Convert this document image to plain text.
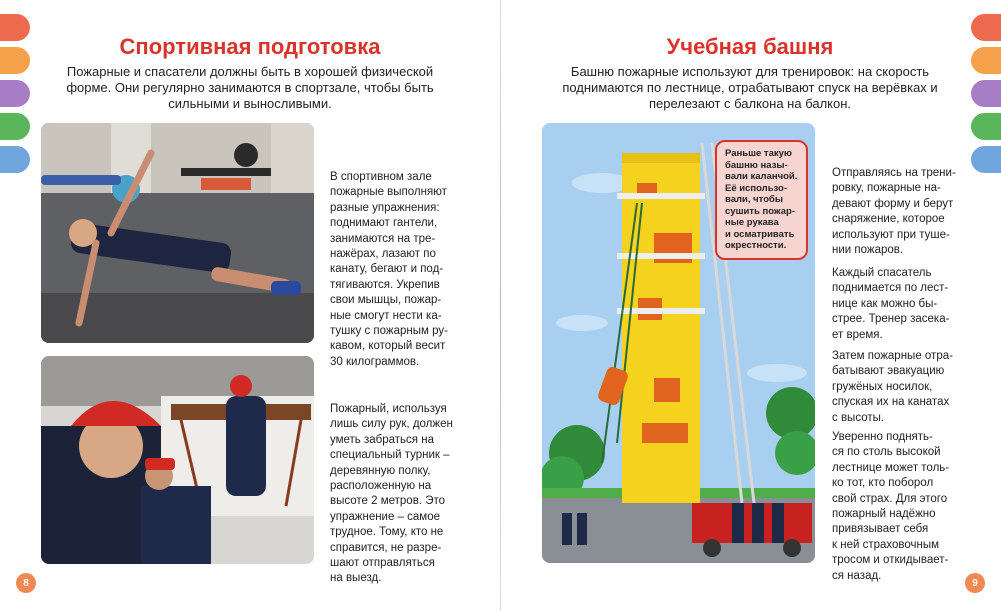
Спортивная подготовка
Пожарные и спасатели должны быть в хорошей физической форме. Они регулярно занимаются в спортзале, чтобы быть сильными и выносливыми.
В спортивном зале
пожарные выполняют
разные упражнения:
поднимают гантели,
занимаются на тре-
нажёрах, лазают по
канату, бегают и под-
тягиваются. Укрепив
свои мышцы, пожар-
ные смогут нести ка-
тушку с пожарным ру-
кавом, который весит
30 килограммов.
Пожарный, используя
лишь силу рук, должен
уметь забраться на
специальный турник –
деревянную полку,
расположенную на
высоте 2 метров. Это
упражнение – самое
трудное. Тому, кто не
справится, не разре-
шают отправляться
на выезд.
8
Учебная башня
Башню пожарные используют для тренировок: на скорость поднимаются по лестнице, отрабатывают спуск на верёвках и перелезают с балкона на балкон.
Раньше такую
башню назы-
вали каланчой.
Её использо-
вали, чтобы
сушить пожар-
ные рукава
и осматривать
окрестности.
Отправляясь на трени-
ровку, пожарные на-
девают форму и берут
снаряжение, которое
используют при туше-
нии пожаров.
Каждый спасатель
поднимается по лест-
нице как можно бы-
стрее. Тренер засека-
ет время.
Затем пожарные отра-
батывают эвакуацию
гружёных носилок,
спуская их на канатах
с высоты.
Уверенно поднять-
ся по столь высокой
лестнице может толь-
ко тот, кто поборол
свой страх. Для этого
пожарный надёжно
привязывает себя
к ней страховочным
тросом и откидывает-
ся назад.
9
